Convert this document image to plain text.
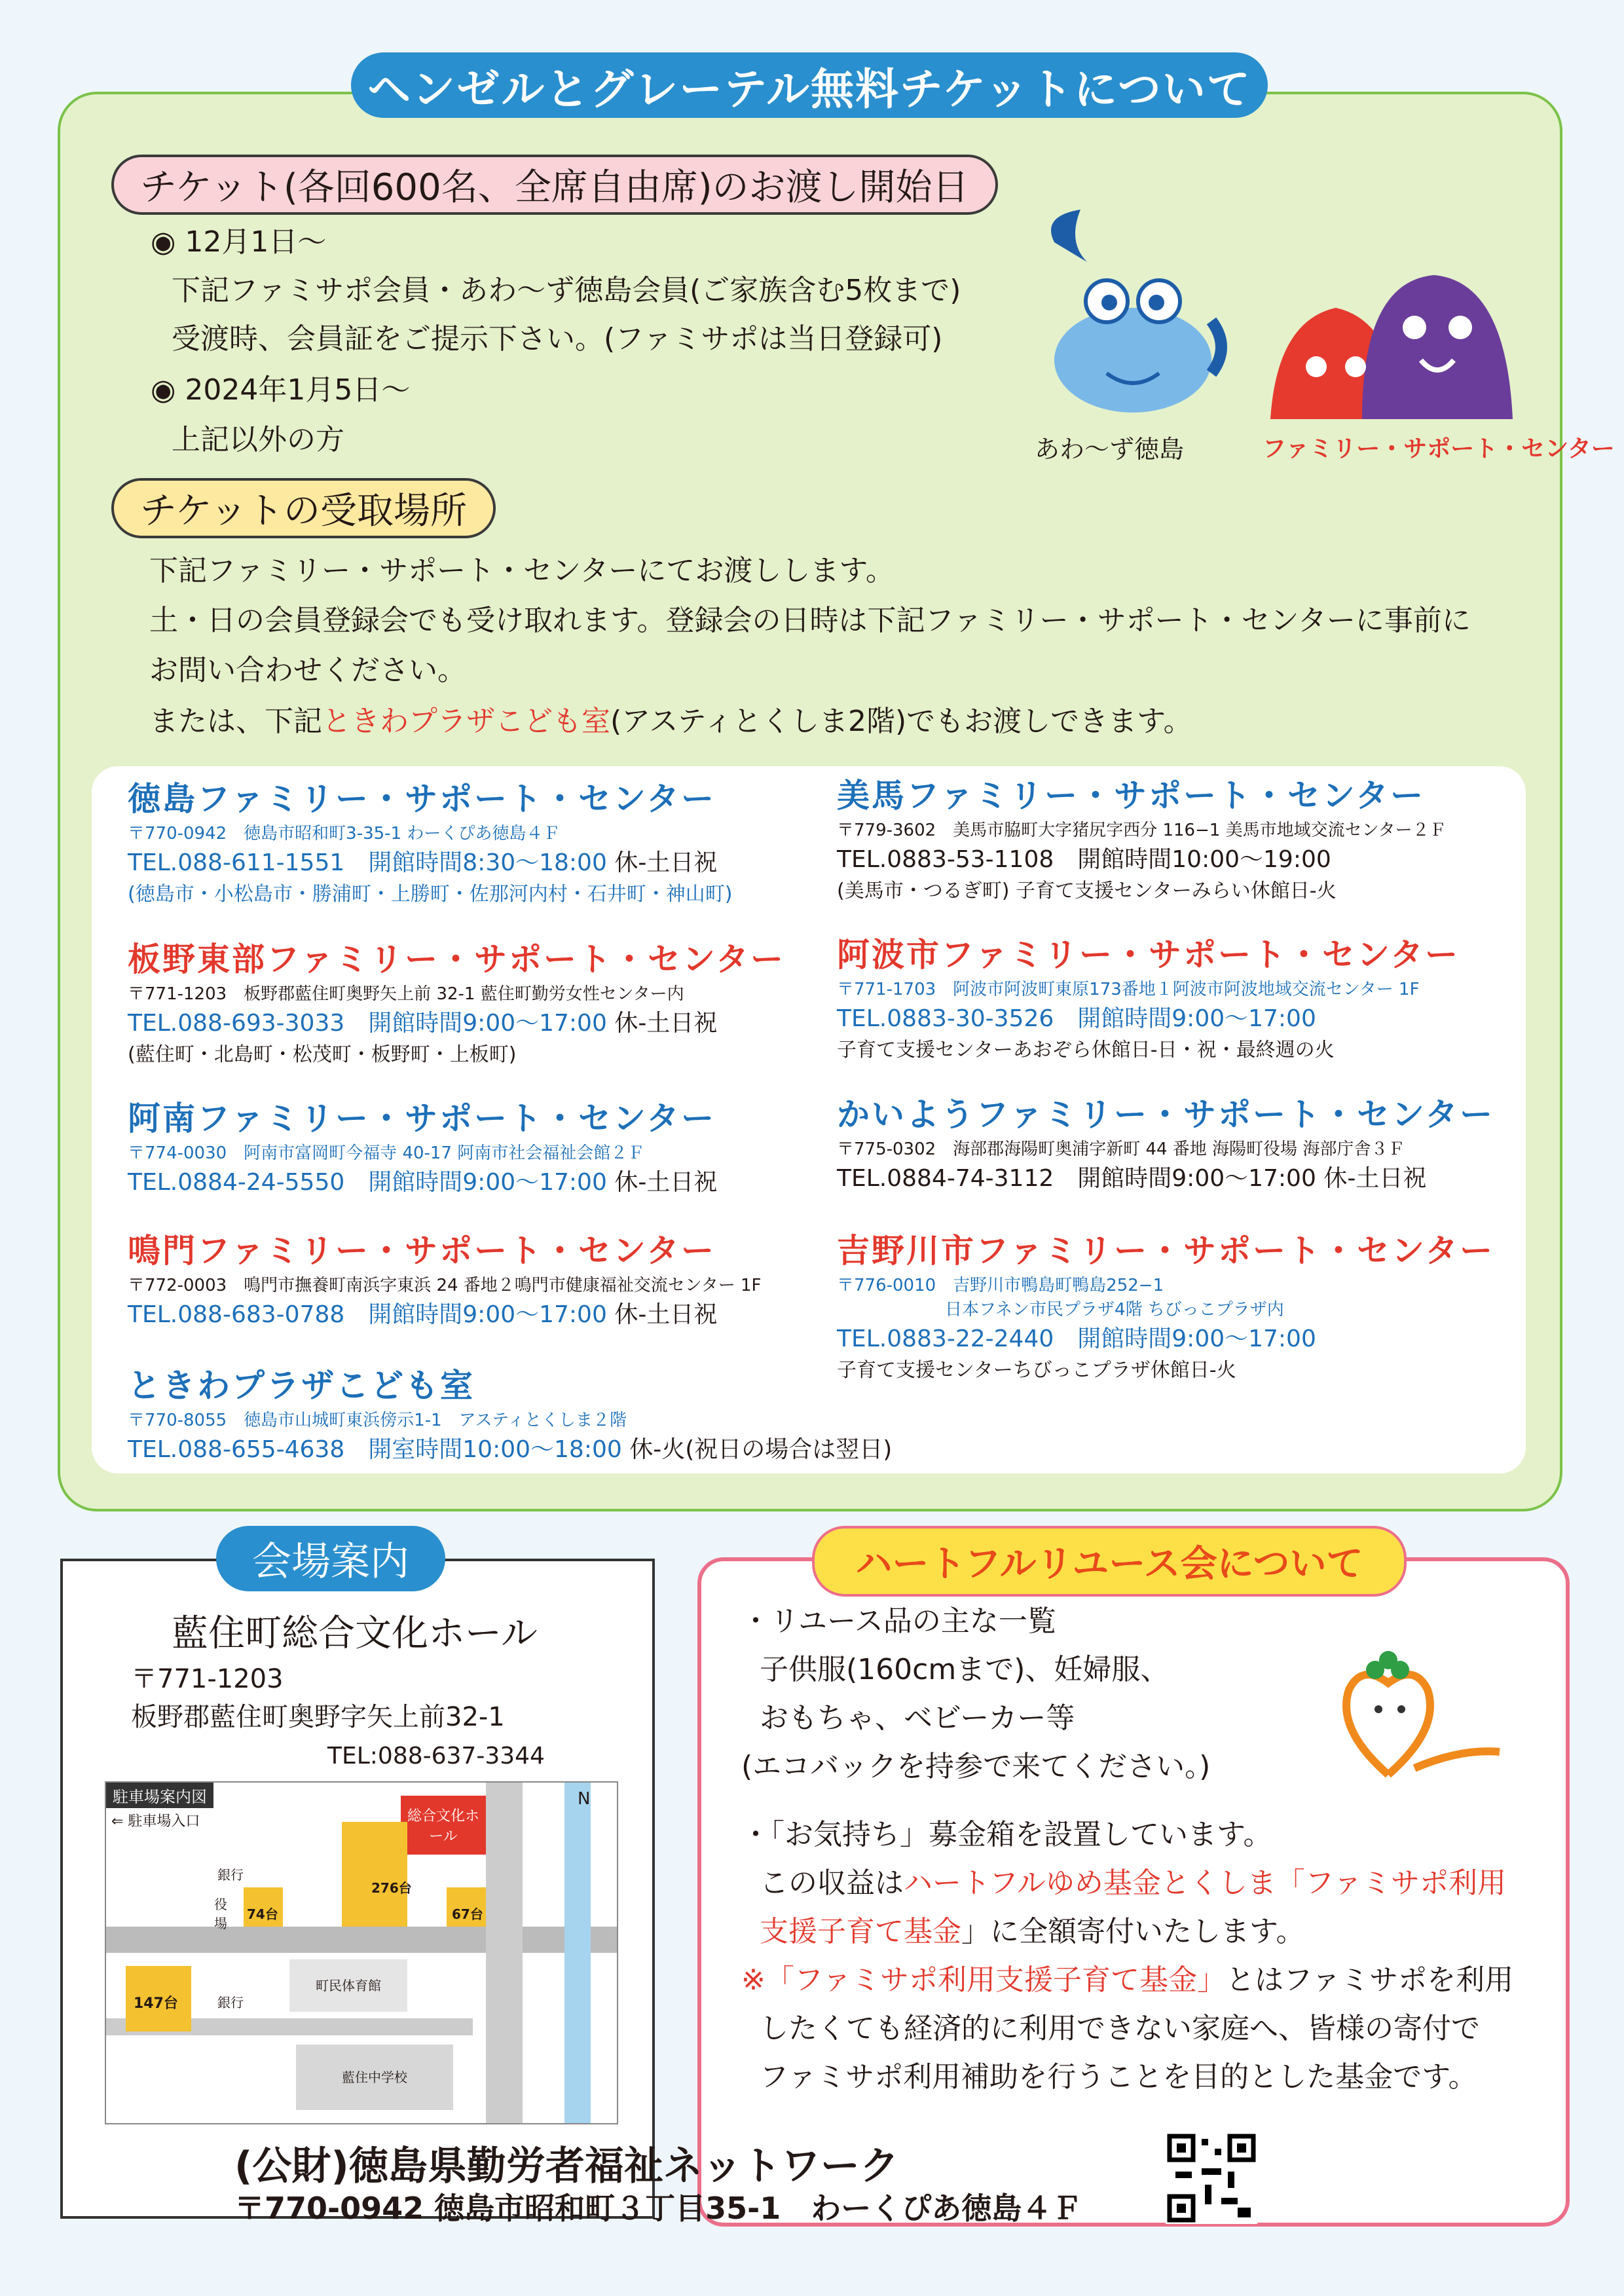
ヘンゼルとグレーテル無料チケットについて
チケット(各回600名、全席自由席)のお渡し開始日
◉ 12月1日～
下記ファミサポ会員・あわ～ず徳島会員(ご家族含む5枚まで)
受渡時、会員証をご提示下さい。(ファミサポは当日登録可)
◉ 2024年1月5日～
上記以外の方	あわ～ず徳島	ファミリー・サポート・センター
チケットの受取場所
下記ファミリー・サポート・センターにてお渡しします。
土・日の会員登録会でも受け取れます。登録会の日時は下記ファミリー・サポート・センターに事前に
お問い合わせください。
または、下記ときわプラザこども室(アスティとくしま2階)でもお渡しできます。
徳島ファミリー・サポート・センター
〒770-0942　徳島市昭和町3-35-1 わーくぴあ徳島４Ｆ
TEL.088-611-1551　 開館時間8:30～18:00 休-土日祝
(徳島市・小松島市・勝浦町・上勝町・佐那河内村・石井町・神山町)
板野東部ファミリー・サポート・センター
〒771-1203　板野郡藍住町奥野矢上前 32-1 藍住町勤労女性センター内
TEL.088-693-3033　 開館時間9:00～17:00 休-土日祝
(藍住町・北島町・松茂町・板野町・上板町)
阿南ファミリー・サポート・センター
〒774-0030　阿南市富岡町今福寺 40-17 阿南市社会福祉会館２Ｆ
TEL.0884-24-5550　 開館時間9:00～17:00 休-土日祝
鳴門ファミリー・サポート・センター
〒772-0003　鳴門市撫養町南浜字東浜 24 番地２鳴門市健康福祉交流センター 1F
TEL.088-683-0788　 開館時間9:00～17:00 休-土日祝
ときわプラザこども室
〒770-8055　徳島市山城町東浜傍示1-1　アスティとくしま２階
TEL.088-655-4638　 開室時間10:00～18:00 休-火(祝日の場合は翌日)
美馬ファミリー・サポート・センター
〒779-3602　美馬市脇町大字猪尻字西分 116−1 美馬市地域交流センター２Ｆ
TEL.0883-53-1108　 開館時間10:00～19:00
(美馬市・つるぎ町) 子育て支援センターみらい休館日-火
阿波市ファミリー・サポート・センター
〒771-1703　阿波市阿波町東原173番地１阿波市阿波地域交流センター 1F
TEL.0883-30-3526　 開館時間9:00～17:00
子育て支援センターあおぞら休館日-日・祝・最終週の火
かいようファミリー・サポート・センター
〒775-0302　海部郡海陽町奥浦字新町 44 番地 海陽町役場 海部庁舎３Ｆ
TEL.0884-74-3112　 開館時間9:00～17:00 休-土日祝
吉野川市ファミリー・サポート・センター
〒776-0010　吉野川市鴨島町鴨島252−1
日本フネン市民プラザ4階 ちびっこプラザ内
TEL.0883-22-2440　 開館時間9:00～17:00
子育て支援センターちびっこプラザ休館日-火
会場案内
藍住町総合文化ホール
〒771-1203
板野郡藍住町奥野字矢上前32-1
TEL:088-637-3344
駐車場案内図
⇐ 駐車場入口	総合文化ホール
276台
67台
74台
147台
銀行
銀行
役場
町民体育館
藍住中学校
N
ハートフルリユース会について
・リユース品の主な一覧
子供服(160cmまで)、妊婦服、
おもちゃ、ベビーカー等
(エコバックを持参で来てください。)
・「お気持ち」募金箱を設置しています。
この収益はハートフルゆめ基金とくしま「ファミサポ利用
支援子育て基金」に全額寄付いたします。
※「ファミサポ利用支援子育て基金」とはファミサポを利用
したくても経済的に利用できない家庭へ、皆様の寄付で
ファミサポ利用補助を行うことを目的とした基金です。
(公財)徳島県勤労者福祉ネットワーク
〒770-0942 徳島市昭和町３丁目35-1　わーくぴあ徳島４Ｆ
